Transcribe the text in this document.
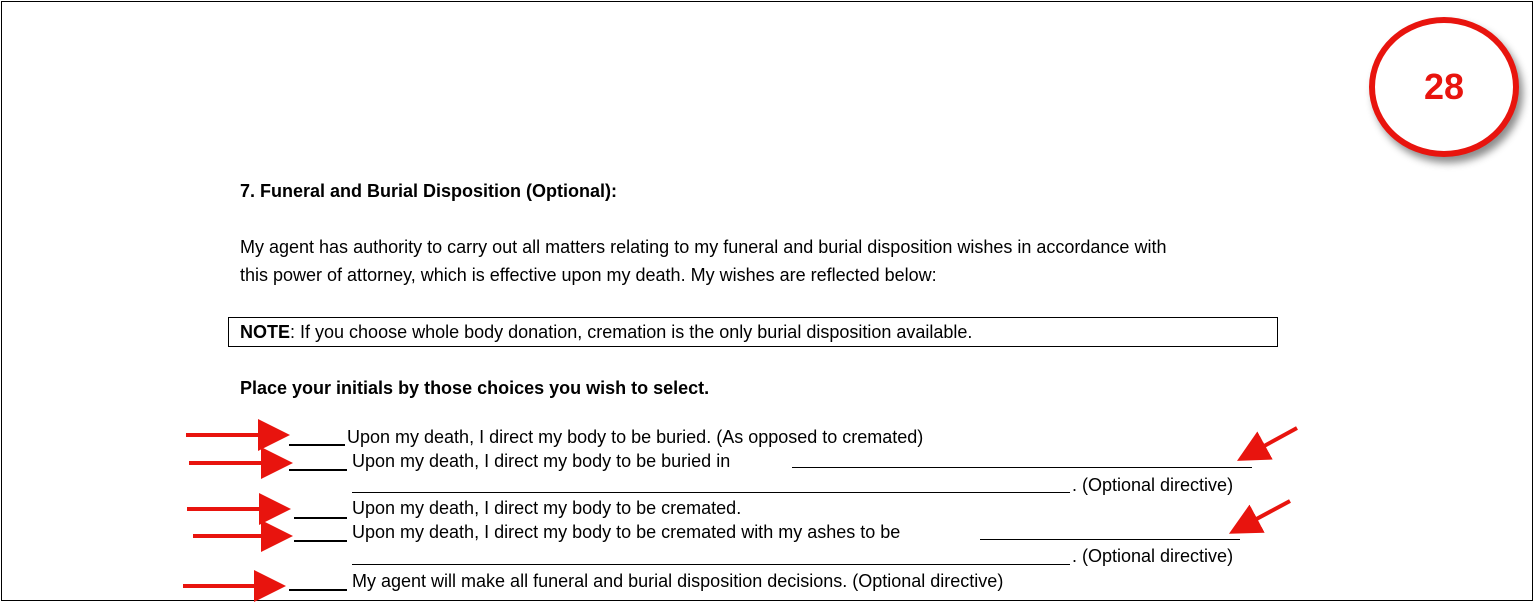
28
7. Funeral and Burial Disposition (Optional):
My agent has authority to carry out all matters relating to my funeral and burial disposition wishes in accordance with
this power of attorney, which is effective upon my death. My wishes are reflected below:
NOTE: If you choose whole body donation, cremation is the only burial disposition available.
Place your initials by those choices you wish to select.
Upon my death, I direct my body to be buried. (As opposed to cremated)
Upon my death, I direct my body to be buried in
. (Optional directive)
Upon my death, I direct my body to be cremated.
Upon my death, I direct my body to be cremated with my ashes to be
. (Optional directive)
My agent will make all funeral and burial disposition decisions. (Optional directive)
